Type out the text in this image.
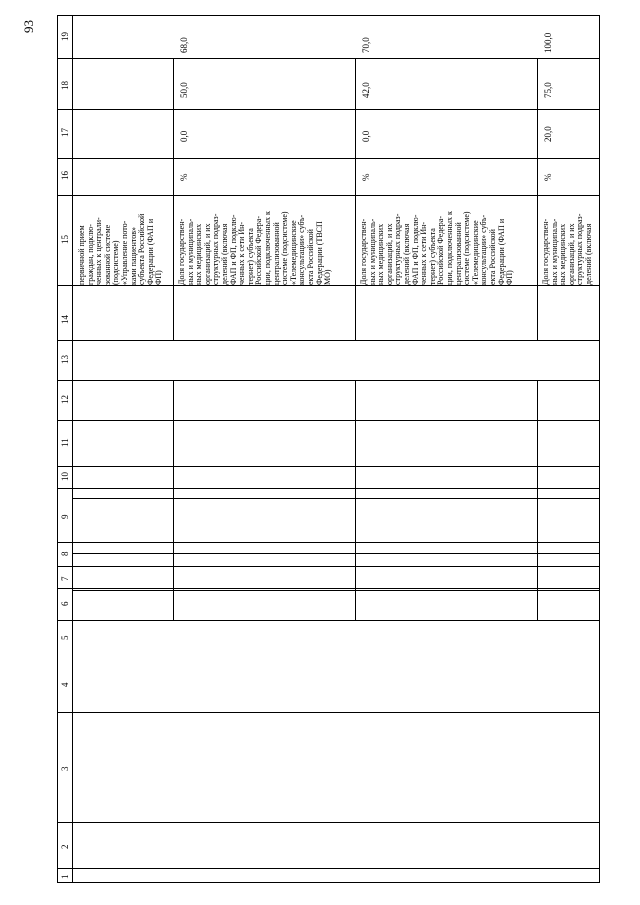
1
2
3
4
5
6
7
8
9
10
11
12
13
14
15
16
17
18
19
93
первичной прием
граждан, подклю-
ченных к централи-
зованной системе
(подсистеме)
«Управление пото-
ками пациентов»
субъекта Российской
Федерации (ФАП и
ФП) Доля государствен-
ных и муниципаль-
ных медицинских
организаций, и их
структурных подраз-
делений (включая
ФАП и ФП, подклю-
ченных к сети Ин-
тернет) субъекта
Российской Федера-
ции, подключенных к
централизованной
системе (подсистеме)
«Телемедицинские
консультации» субъ-
екта Российской
Федерации (ТВСП
МО)
%
0,0
50,0
68,0
Доля государствен-
ных и муниципаль-
ных медицинских
организаций, и их
структурных подраз-
делений (включая
ФАП и ФП, подклю-
ченных к сети Ин-
тернет) субъекта
Российской Федера-
ции, подключенных к
централизованной
системе (подсистеме)
«Телемедицинские
консультации» субъ-
екта Российской
Федерации (ФАП и
ФП)
%
0,0
42,0
70,0
Доля государствен-
ных и муниципаль-
ных медицинских
организаций, и их
структурных подраз-
делений (включая
%
20,0
75,0
100,0
